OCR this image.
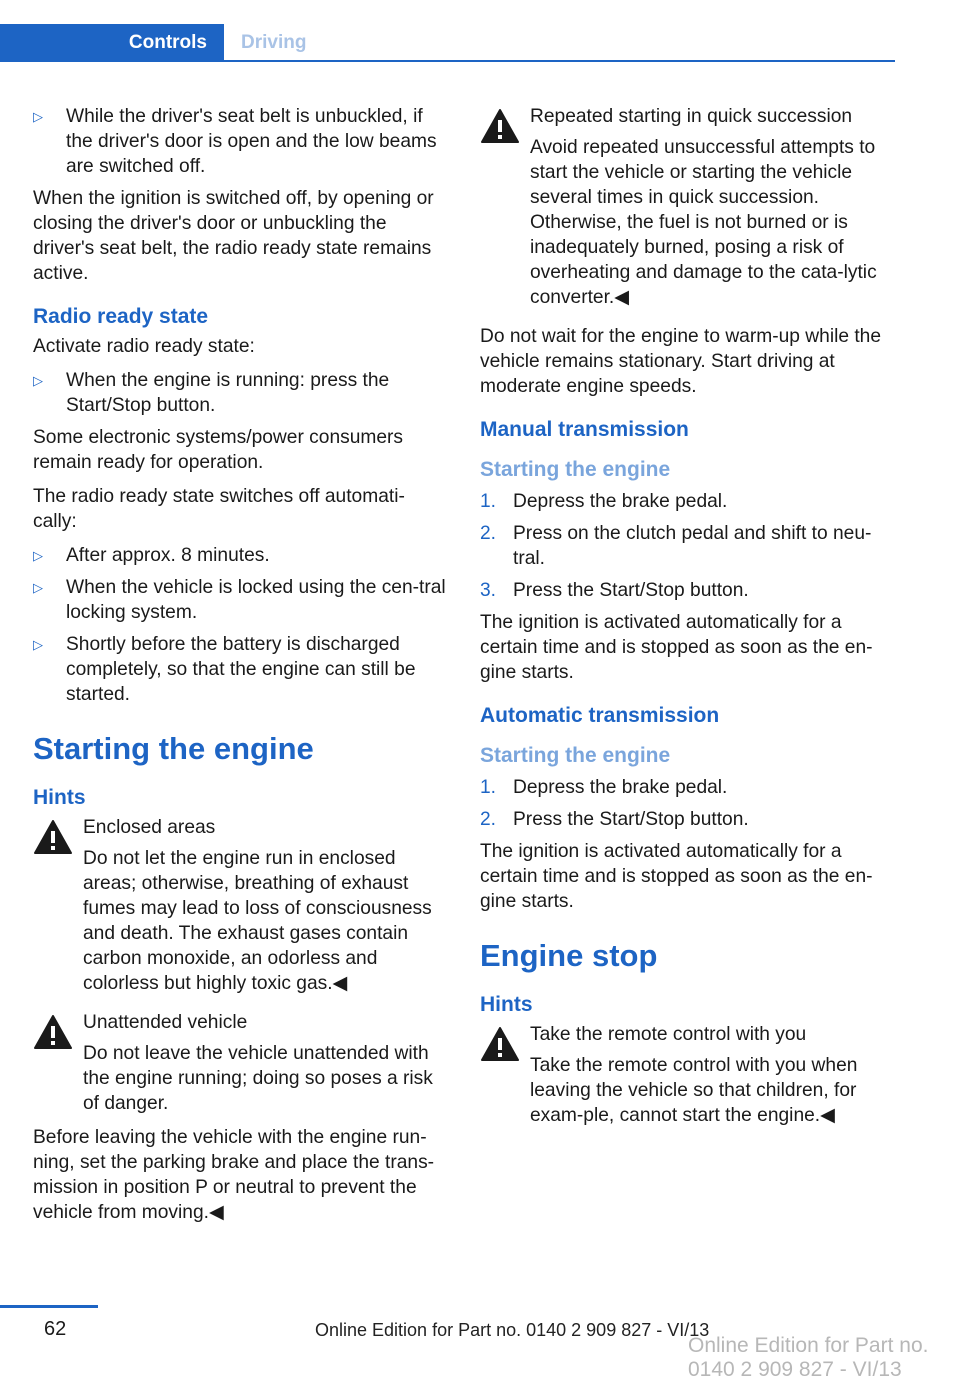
Controls	Driving
▷ While the driver's seat belt is unbuckled, if the driver's door is open and the low beams are switched off.

When the ignition is switched off, by opening or closing the driver's door or unbuckling the driver's seat belt, the radio ready state remains active.

Radio ready state

Activate radio ready state:

▷ When the engine is running: press the Start/Stop button.

Some electronic systems/power consumers remain ready for operation.

The radio ready state switches off automati‐cally:

▷ After approx. 8 minutes.
▷ When the vehicle is locked using the cen‐tral locking system.
▷ Shortly before the battery is discharged completely, so that the engine can still be started.
Starting the engine
Hints
Enclosed areas
Do not let the engine run in enclosed areas; otherwise, breathing of exhaust fumes may lead to loss of consciousness and death. The exhaust gases contain carbon monoxide, an odorless and colorless but highly toxic gas.◀
Unattended vehicle
Do not leave the vehicle unattended with the engine running; doing so poses a risk of danger.

Before leaving the vehicle with the engine run‐ning, set the parking brake and place the trans‐mission in position P or neutral to prevent the vehicle from moving.◀

Repeated starting in quick succession
Avoid repeated unsuccessful attempts to start the vehicle or starting the vehicle several times in quick succession. Otherwise, the fuel is not burned or is inadequately burned, posing a risk of overheating and damage to the cata‐lytic converter.◀

Do not wait for the engine to warm-up while the vehicle remains stationary. Start driving at moderate engine speeds.

Manual transmission
Starting the engine
1. Depress the brake pedal.
2. Press on the clutch pedal and shift to neu‐tral.
3. Press the Start/Stop button.

The ignition is activated automatically for a certain time and is stopped as soon as the en‐gine starts.

Automatic transmission
Starting the engine
1. Depress the brake pedal.
2. Press the Start/Stop button.

The ignition is activated automatically for a certain time and is stopped as soon as the en‐gine starts.

Engine stop
Hints
Take the remote control with you
Take the remote control with you when leaving the vehicle so that children, for exam‐ple, cannot start the engine.◀
62	Online Edition for Part no. 0140 2 909 827 - VI/13
Online Edition for Part no. 0140 2 909 827 - VI/13
